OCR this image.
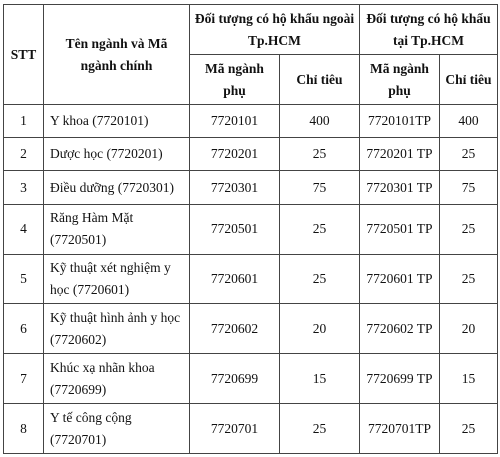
STT	Tên ngành và Mã ngành chính	Đối tượng có hộ khẩu ngoài Tp.HCM		Đối tượng có hộ khẩu tại Tp.HCM	
		Mã ngành phụ	Chỉ tiêu	Mã ngành phụ	Chỉ tiêu
1	Y khoa (7720101)	7720101	400	7720101TP	400
2	Dược học (7720201)	7720201	25	7720201 TP	25
3	Điều dưỡng (7720301)	7720301	75	7720301 TP	75
4	Răng Hàm Mặt (7720501)	7720501	25	7720501 TP	25
5	Kỹ thuật xét nghiệm y học (7720601)	7720601	25	7720601 TP	25
6	Kỹ thuật hình ảnh y học (7720602)	7720602	20	7720602 TP	20
7	Khúc xạ nhãn khoa (7720699)	7720699	15	7720699 TP	15
8	Y tế công cộng (7720701)	7720701	25	7720701TP	25
